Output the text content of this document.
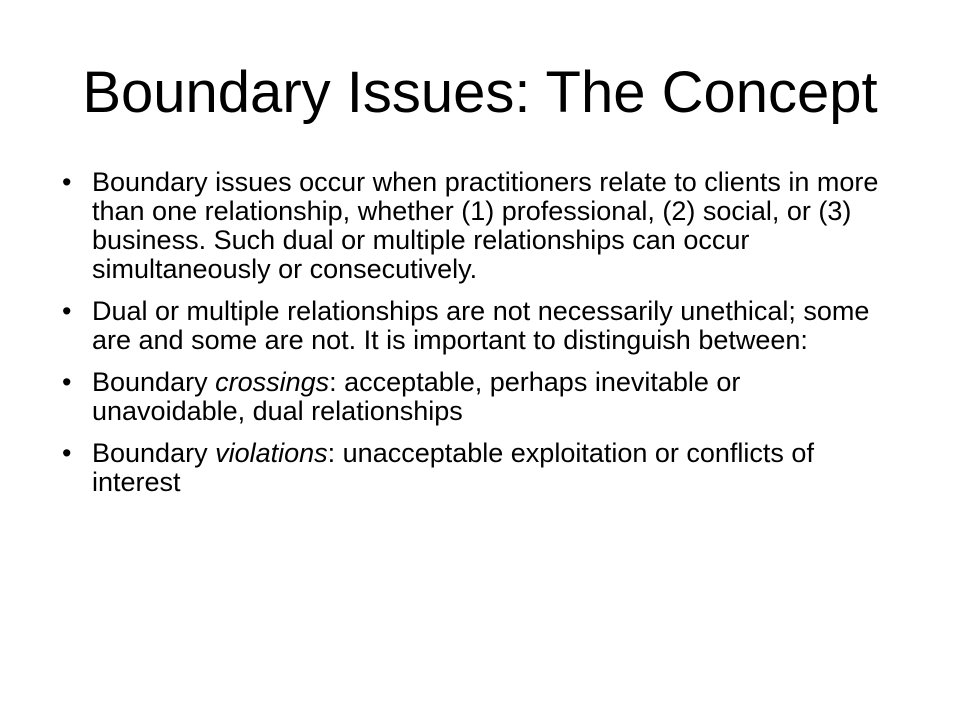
Boundary Issues: The Concept
• Boundary issues occur when practitioners relate to clients in more than one relationship, whether (1) professional, (2) social, or (3) business. Such dual or multiple relationships can occur simultaneously or consecutively.
• Dual or multiple relationships are not necessarily unethical; some are and some are not. It is important to distinguish between:
• Boundary crossings: acceptable, perhaps inevitable or unavoidable, dual relationships
• Boundary violations: unacceptable exploitation or conflicts of interest
